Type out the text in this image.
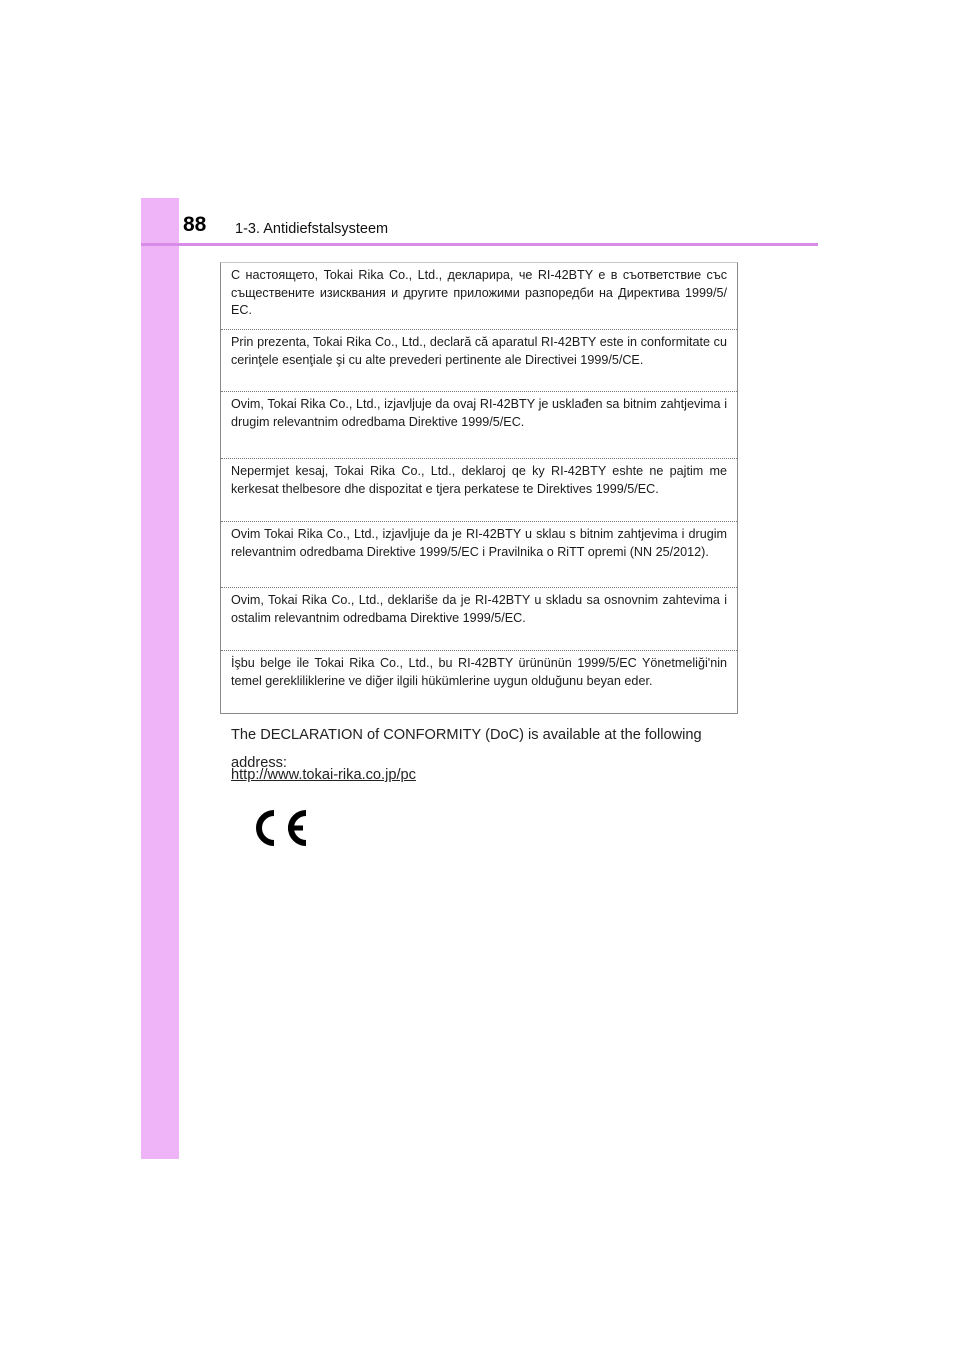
88 1-3. Antidiefstalsysteem
С настоящето, Tokai Rika Co., Ltd., декларира, че RI-42BTY е в съответствие със съществените изисквания и другите приложими разпоредби на Директива 1999/5/ЕС.
Prin prezenta, Tokai Rika Co., Ltd., declară că aparatul RI-42BTY este in conformitate cu cerinţele esenţiale şi cu alte prevederi pertinente ale Directivei 1999/5/CE.
Ovim, Tokai Rika Co., Ltd., izjavljuje da ovaj RI-42BTY je usklađen sa bitnim zahtjevima i drugim relevantnim odredbama Direktive 1999/5/EC.
Nepermjet kesaj, Tokai Rika Co., Ltd., deklaroj qe ky RI-42BTY eshte ne pajtim me kerkesat thelbesore dhe dispozitat e tjera perkatese te Direktives 1999/5/EC.
Ovim Tokai Rika Co., Ltd., izjavljuje da je RI-42BTY u sklau s bitnim zahtjevima i drugim relevantnim odredbama Direktive 1999/5/EC i Pravilnika o RiTT opremi (NN 25/2012).
Ovim, Tokai Rika Co., Ltd., deklariše da je RI-42BTY u skladu sa osnovnim zahtevima i ostalim relevantnim odredbama Direktive 1999/5/EC.
İşbu belge ile Tokai Rika Co., Ltd., bu RI-42BTY ürününün 1999/5/EC Yönetmeliği'nin temel gerekliliklerine ve diğer ilgili hükümlerine uygun olduğunu beyan eder.
The DECLARATION of CONFORMITY (DoC) is available at the following address:
http://www.tokai-rika.co.jp/pc
